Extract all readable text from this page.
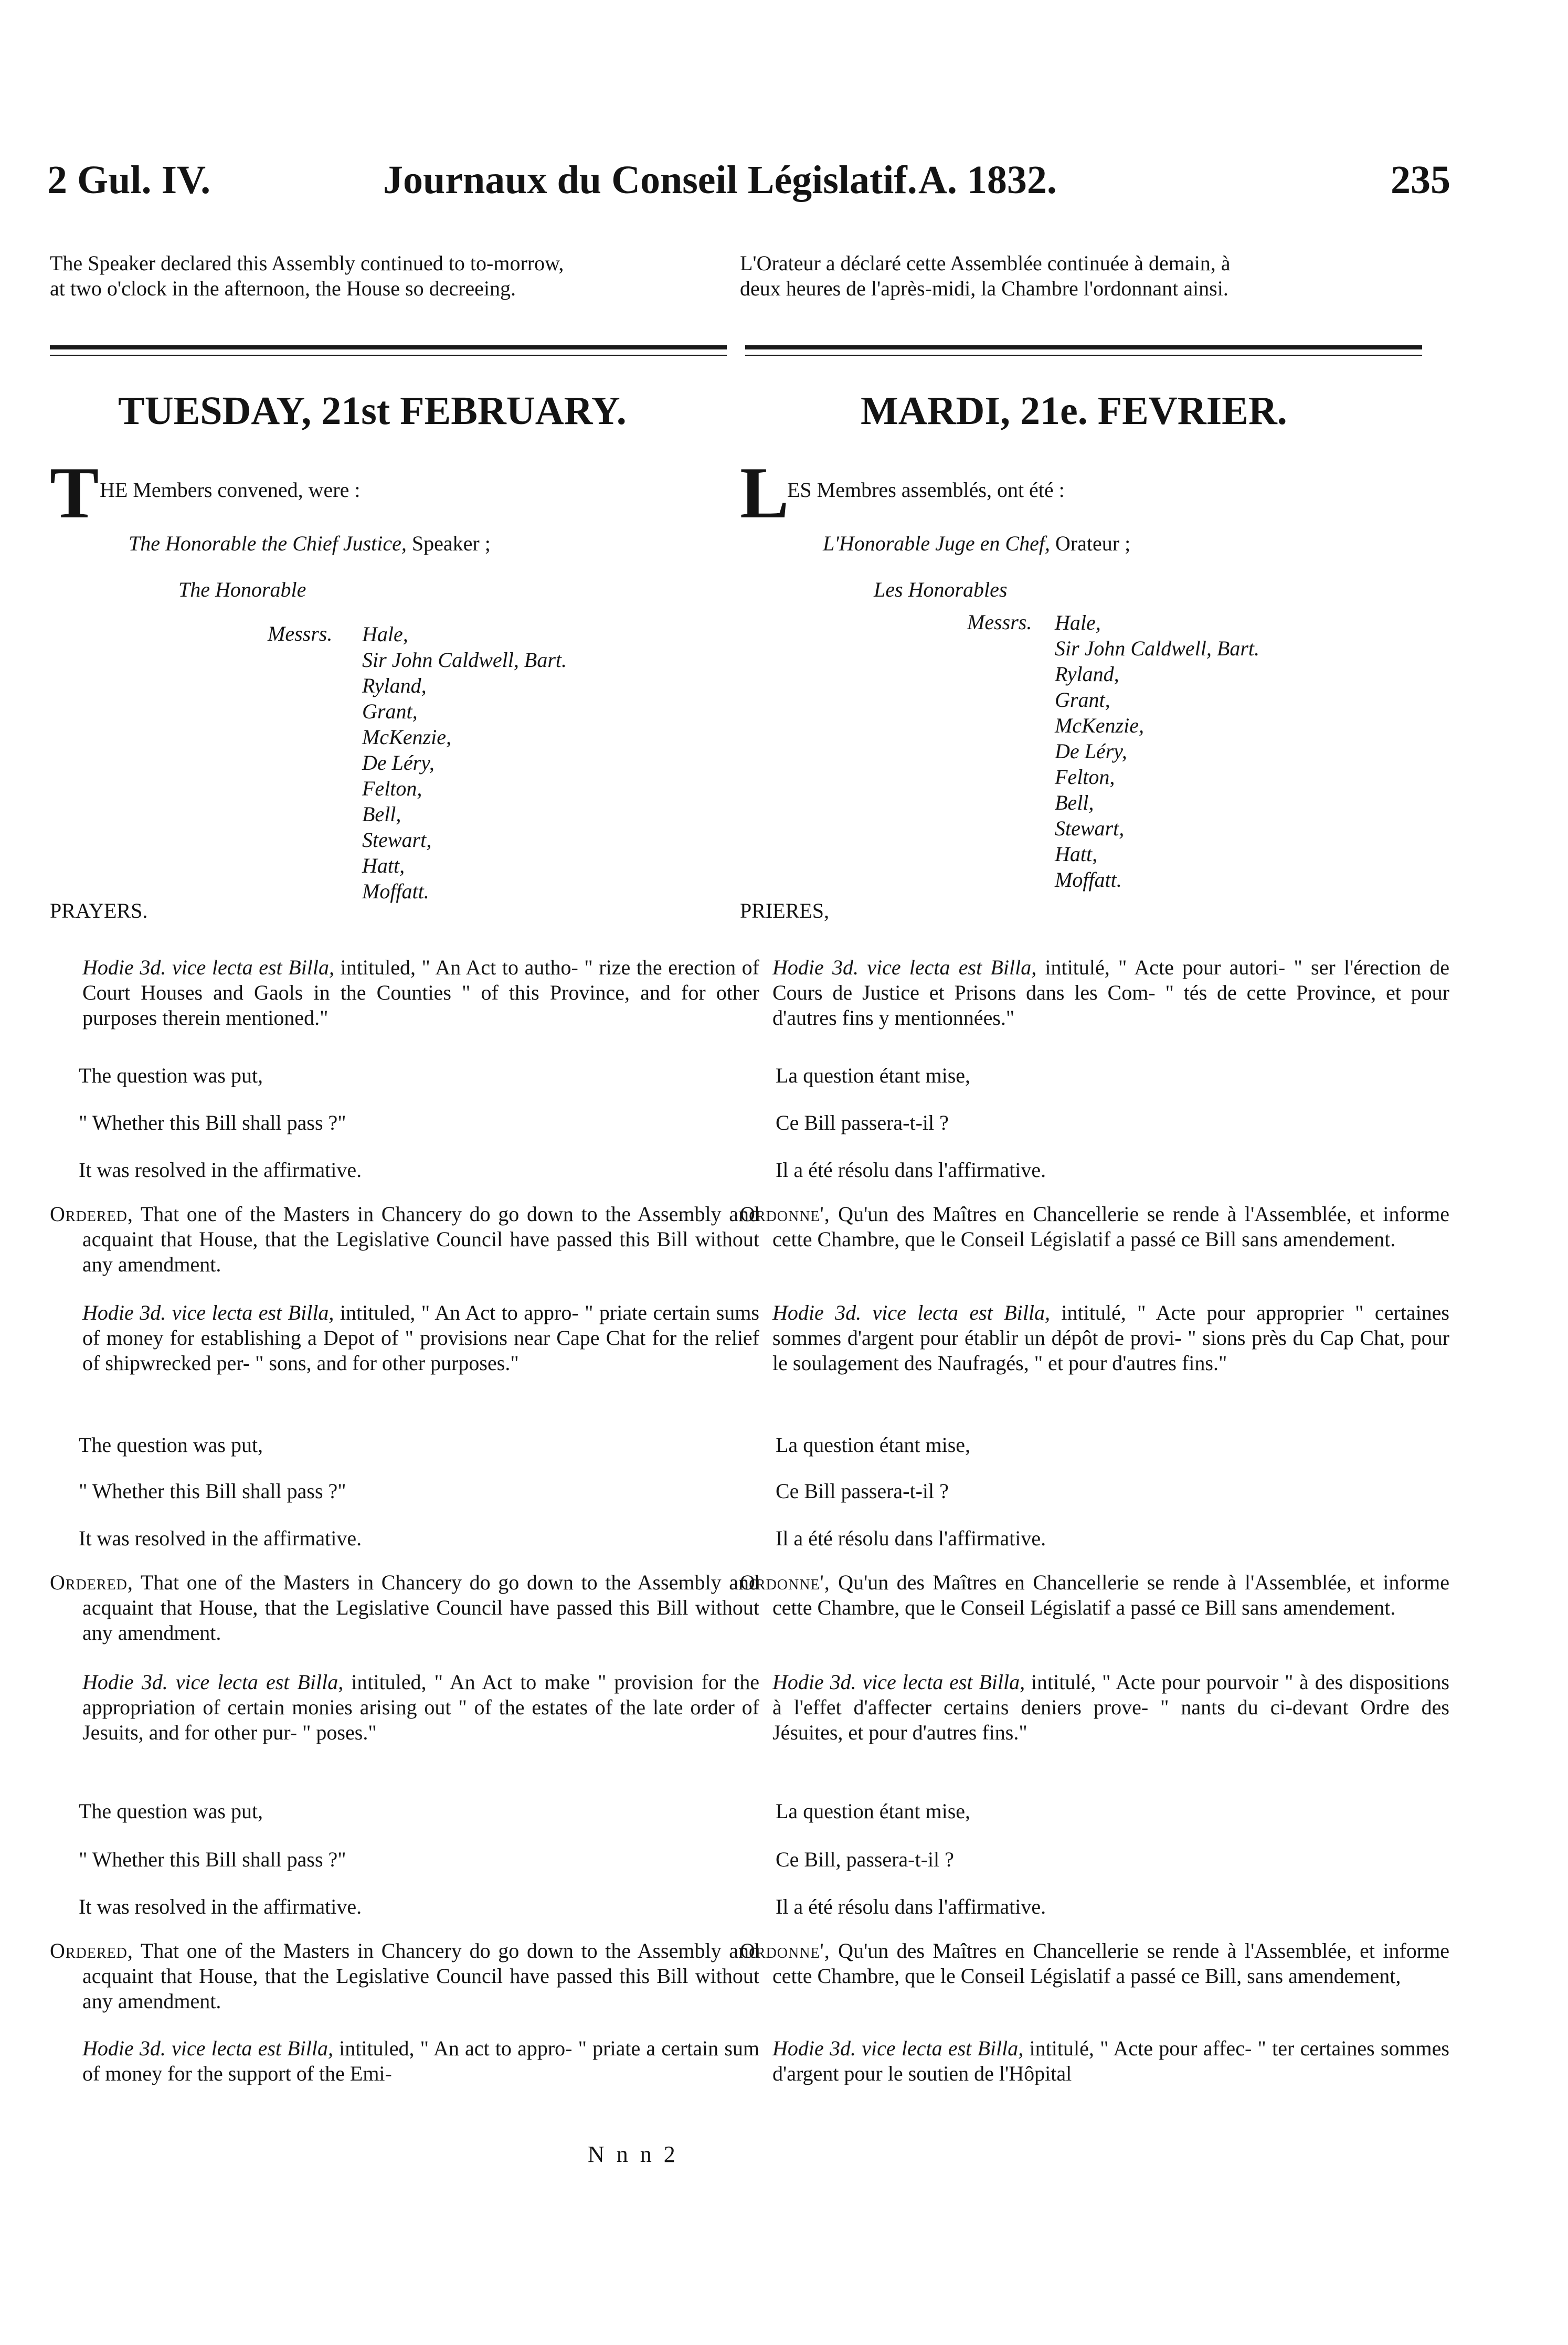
2 Gul. IV.	Journaux du Conseil Législatif. A. 1832.	235
The Speaker declared this Assembly continued to to-morrow,
at two o'clock in the afternoon, the House so decreeing.
L'Orateur a déclaré cette Assemblée continuée à demain, à
deux heures de l'après-midi, la Chambre l'ordonnant ainsi.
TUESDAY, 21st FEBRUARY.
T HE Members convened, were :
The Honorable the Chief Justice, Speaker ;
The Honorable
Messrs. Hale,
Sir John Caldwell, Bart.
Ryland,
Grant,
McKenzie,
De Léry,
Felton,
Bell,
Stewart,
Hatt,
Moffatt.
PRAYERS.
Hodie 3d. vice lecta est Billa, intituled, " An Act to autho- " rize the erection of Court Houses and Gaols in the Counties " of this Province, and for other purposes therein mentioned."
The question was put,
" Whether this Bill shall pass ?"
It was resolved in the affirmative.
Ordered, That one of the Masters in Chancery do go down to the Assembly and acquaint that House, that the Legislative Council have passed this Bill without any amendment.
Hodie 3d. vice lecta est Billa, intituled, " An Act to appro- " priate certain sums of money for establishing a Depot of " provisions near Cape Chat for the relief of shipwrecked per- " sons, and for other purposes."
The question was put,
" Whether this Bill shall pass ?"
It was resolved in the affirmative.
Ordered, That one of the Masters in Chancery do go down to the Assembly and acquaint that House, that the Legislative Council have passed this Bill without any amendment.
Hodie 3d. vice lecta est Billa, intituled, " An Act to make " provision for the appropriation of certain monies arising out " of the estates of the late order of Jesuits, and for other pur- " poses."
The question was put,
" Whether this Bill shall pass ?"
It was resolved in the affirmative.
Ordered, That one of the Masters in Chancery do go down to the Assembly and acquaint that House, that the Legislative Council have passed this Bill without any amendment.
Hodie 3d. vice lecta est Billa, intituled, " An act to appro- " priate a certain sum of money for the support of the Emi-
MARDI, 21e. FEVRIER.
L
ES Membres assemblés, ont été :
L'Honorable Juge en Chef, Orateur ;
Les Honorables
Messrs. Hale,
Sir John Caldwell, Bart.
Ryland,
Grant,
McKenzie,
De Léry,
Felton,
Bell,
Stewart,
Hatt,
Moffatt.
PRIERES,
Hodie 3d. vice lecta est Billa, intitulé, " Acte pour autori- " ser l'érection de Cours de Justice et Prisons dans les Com- " tés de cette Province, et pour d'autres fins y mentionnées."
La question étant mise,
Ce Bill passera-t-il ?
Il a été résolu dans l'affirmative.
Ordonne', Qu'un des Maîtres en Chancellerie se rende à l'Assemblée, et informe cette Chambre, que le Conseil Législatif a passé ce Bill sans amendement.
Hodie 3d. vice lecta est Billa, intitulé, " Acte pour approprier " certaines sommes d'argent pour établir un dépôt de provi- " sions près du Cap Chat, pour le soulagement des Naufragés, " et pour d'autres fins."
La question étant mise,
Ce Bill passera-t-il ?
Il a été résolu dans l'affirmative.
Ordonne', Qu'un des Maîtres en Chancellerie se rende à l'Assemblée, et informe cette Chambre, que le Conseil Législatif a passé ce Bill sans amendement.
Hodie 3d. vice lecta est Billa, intitulé, " Acte pour pourvoir " à des dispositions à l'effet d'affecter certains deniers prove- " nants du ci-devant Ordre des Jésuites, et pour d'autres fins."
La question étant mise,
Ce Bill, passera-t-il ?
Il a été résolu dans l'affirmative.
Ordonne', Qu'un des Maîtres en Chancellerie se rende à l'Assemblée, et informe cette Chambre, que le Conseil Législatif a passé ce Bill, sans amendement,
Hodie 3d. vice lecta est Billa, intitulé, " Acte pour affec- " ter certaines sommes d'argent pour le soutien de l'Hôpital
N n n 2
